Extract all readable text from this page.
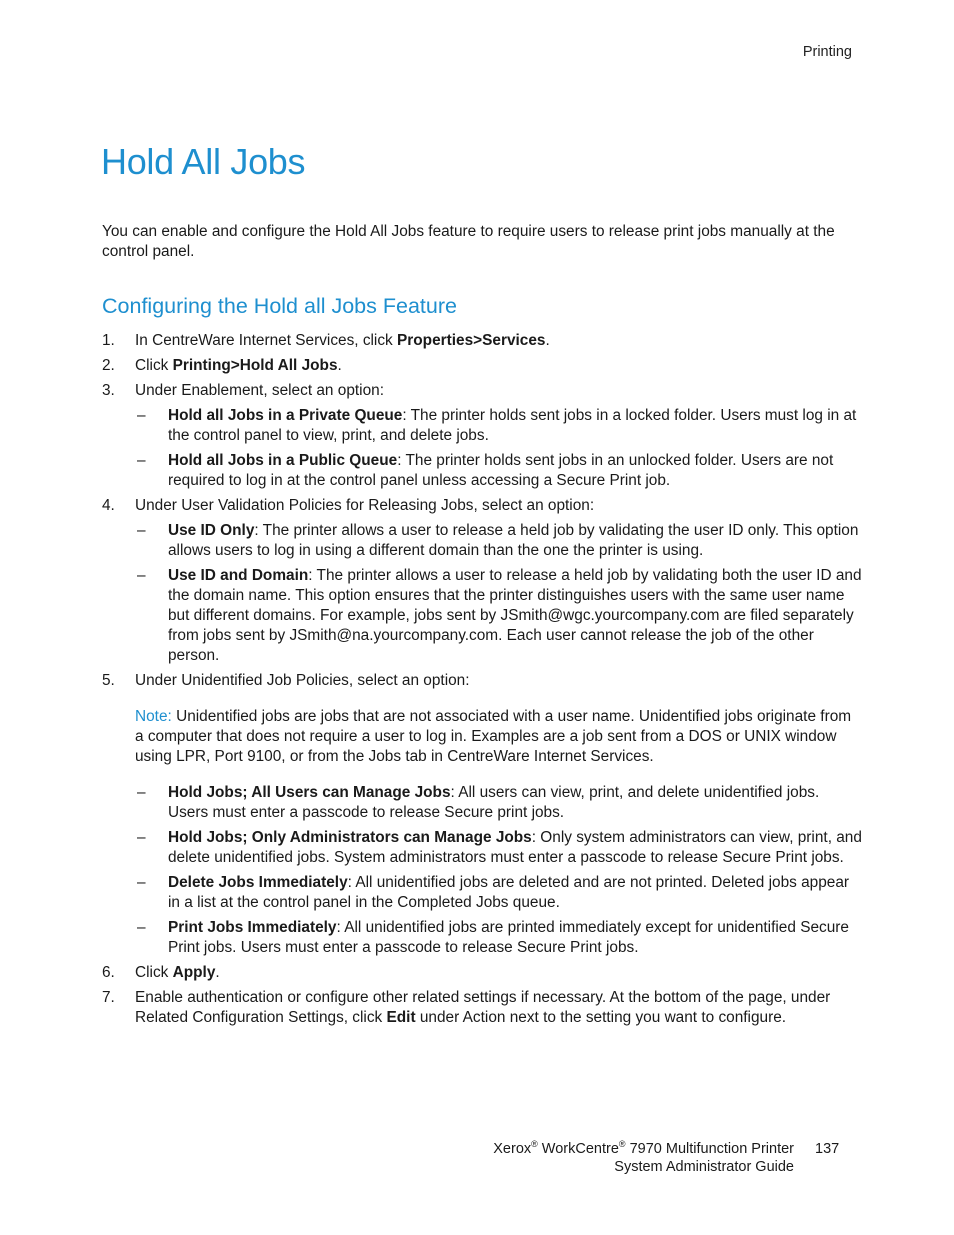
Printing
Hold All Jobs

You can enable and configure the Hold All Jobs feature to require users to release print jobs manually at the control panel.

Configuring the Hold all Jobs Feature
1. In CentreWare Internet Services, click Properties>Services.
2. Click Printing>Hold All Jobs.
3. Under Enablement, select an option:
– Hold all Jobs in a Private Queue: The printer holds sent jobs in a locked folder. Users must log in at the control panel to view, print, and delete jobs.
– Hold all Jobs in a Public Queue: The printer holds sent jobs in an unlocked folder. Users are not required to log in at the control panel unless accessing a Secure Print job.
4. Under User Validation Policies for Releasing Jobs, select an option:
– Use ID Only: The printer allows a user to release a held job by validating the user ID only. This option allows users to log in using a different domain than the one the printer is using.
– Use ID and Domain: The printer allows a user to release a held job by validating both the user ID and the domain name. This option ensures that the printer distinguishes users with the same user name but different domains. For example, jobs sent by JSmith@wgc.yourcompany.com are filed separately from jobs sent by JSmith@na.yourcompany.com. Each user cannot release the job of the other person.
5. Under Unidentified Job Policies, select an option:
Note: Unidentified jobs are jobs that are not associated with a user name. Unidentified jobs originate from a computer that does not require a user to log in. Examples are a job sent from a DOS or UNIX window using LPR, Port 9100, or from the Jobs tab in CentreWare Internet Services.
– Hold Jobs; All Users can Manage Jobs: All users can view, print, and delete unidentified jobs. Users must enter a passcode to release Secure print jobs.
– Hold Jobs; Only Administrators can Manage Jobs: Only system administrators can view, print, and delete unidentified jobs. System administrators must enter a passcode to release Secure Print jobs.
– Delete Jobs Immediately: All unidentified jobs are deleted and are not printed. Deleted jobs appear in a list at the control panel in the Completed Jobs queue.
– Print Jobs Immediately: All unidentified jobs are printed immediately except for unidentified Secure Print jobs. Users must enter a passcode to release Secure Print jobs.
6. Click Apply.
7. Enable authentication or configure other related settings if necessary. At the bottom of the page, under Related Configuration Settings, click Edit under Action next to the setting you want to configure.
Xerox® WorkCentre® 7970 Multifunction Printer
System Administrator Guide
137
